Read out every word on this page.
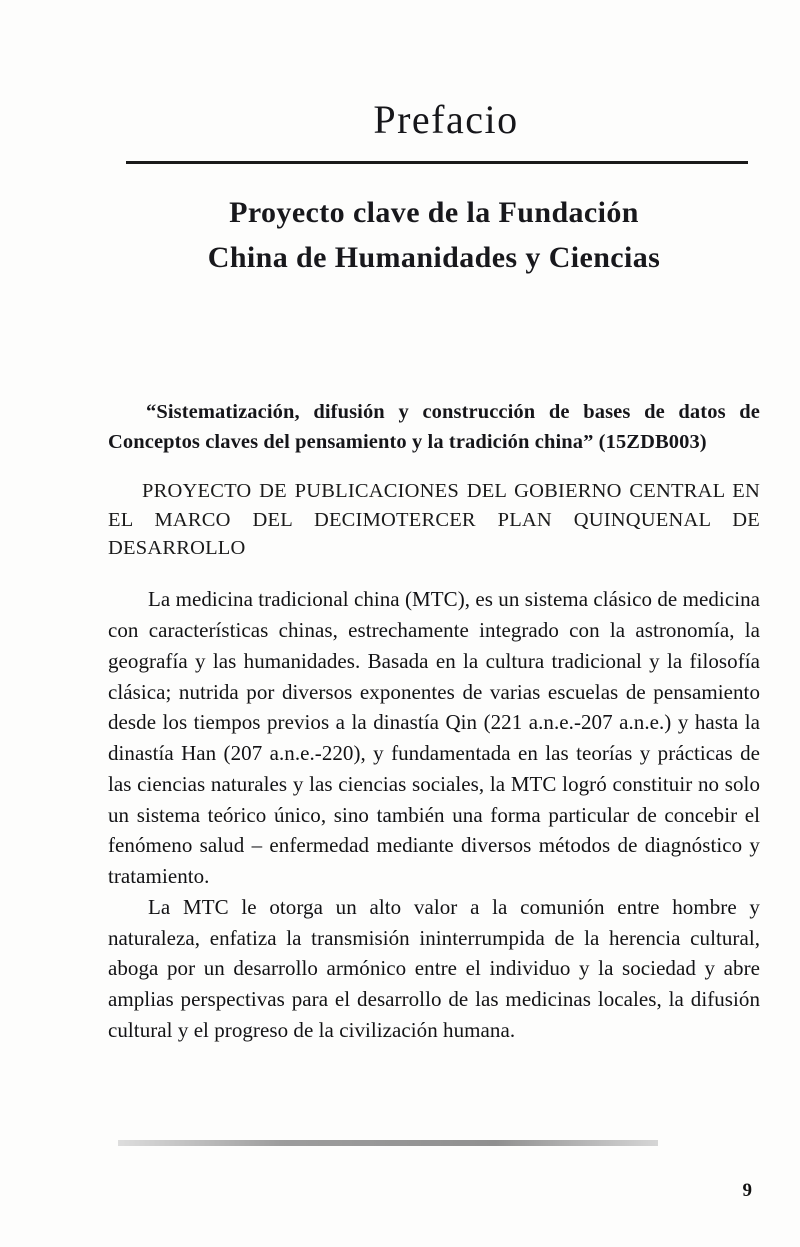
Prefacio
Proyecto clave de la Fundación
China de Humanidades y Ciencias

“Sistematización, difusión y construcción de bases de datos de Conceptos claves del pensamiento y la tradición china” (15ZDB003)

PROYECTO DE PUBLICACIONES DEL GOBIERNO CENTRAL EN EL MARCO DEL DECIMOTERCER PLAN QUINQUENAL DE DESARROLLO

La medicina tradicional china (MTC), es un sistema clásico de medicina con características chinas, estrechamente integrado con la astronomía, la geografía y las humanidades. Basada en la cultura tradicional y la filosofía clásica; nutrida por diversos exponentes de varias escuelas de pensamiento desde los tiempos previos a la dinastía Qin (221 a.n.e.-207 a.n.e.) y hasta la dinastía Han (207 a.n.e.-220), y fundamentada en las teorías y prácticas de las ciencias naturales y las ciencias sociales, la MTC logró constituir no solo un sistema teórico único, sino también una forma particular de concebir el fenómeno salud – enfermedad mediante diversos métodos de diagnóstico y tratamiento.

La MTC le otorga un alto valor a la comunión entre hombre y naturaleza, enfatiza la transmisión ininterrumpida de la herencia cultural, aboga por un desarrollo armónico entre el individuo y la sociedad y abre amplias perspectivas para el desarrollo de las medicinas locales, la difusión cultural y el progreso de la civilización humana.

9
